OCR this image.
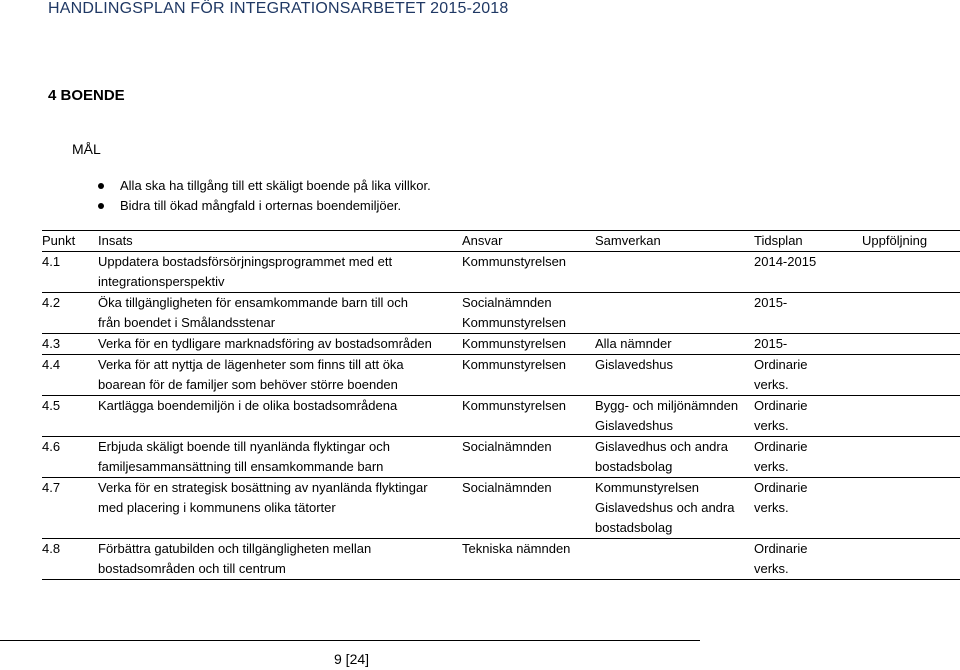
HANDLINGSPLAN FÖR INTEGRATIONSARBETET 2015-2018
4 BOENDE
MÅL
Alla ska ha tillgång till ett skäligt boende på lika villkor.
Bidra till ökad mångfald i orternas boendemiljöer.
Punkt	Insats	Ansvar	Samverkan	Tidsplan	Uppföljning
4.1	Uppdatera bostadsförsörjningsprogrammet med ett
integrationsperspektiv	Kommunstyrelsen		2014-2015	

4.2	Öka tillgängligheten för ensamkommande barn till och
från boendet i Smålandsstenar	Socialnämnden
Kommunstyrelsen		2015-	

4.3	Verka för en tydligare marknadsföring av bostadsområden	Kommunstyrelsen	Alla nämnder	2015-	

4.4	Verka för att nyttja de lägenheter som finns till att öka
boarean för de familjer som behöver större boenden	Kommunstyrelsen	Gislavedshus	Ordinarie
verks.	

4.5	Kartlägga boendemiljön i de olika bostadsområdena	Kommunstyrelsen	Bygg- och miljönämnden
Gislavedshus	Ordinarie
verks.	

4.6	Erbjuda skäligt boende till nyanlända flyktingar och
familjesammansättning till ensamkommande barn	Socialnämnden	Gislavedhus och andra
bostadsbolag	Ordinarie
verks.	

4.7	Verka för en strategisk bosättning av nyanlända flyktingar
med placering i kommunens olika tätorter	Socialnämnden	Kommunstyrelsen
Gislavedshus och andra
bostadsbolag	Ordinarie
verks.	

4.8	Förbättra gatubilden och tillgängligheten mellan
bostadsområden och till centrum	Tekniska nämnden		Ordinarie
verks.	

9 [24]
